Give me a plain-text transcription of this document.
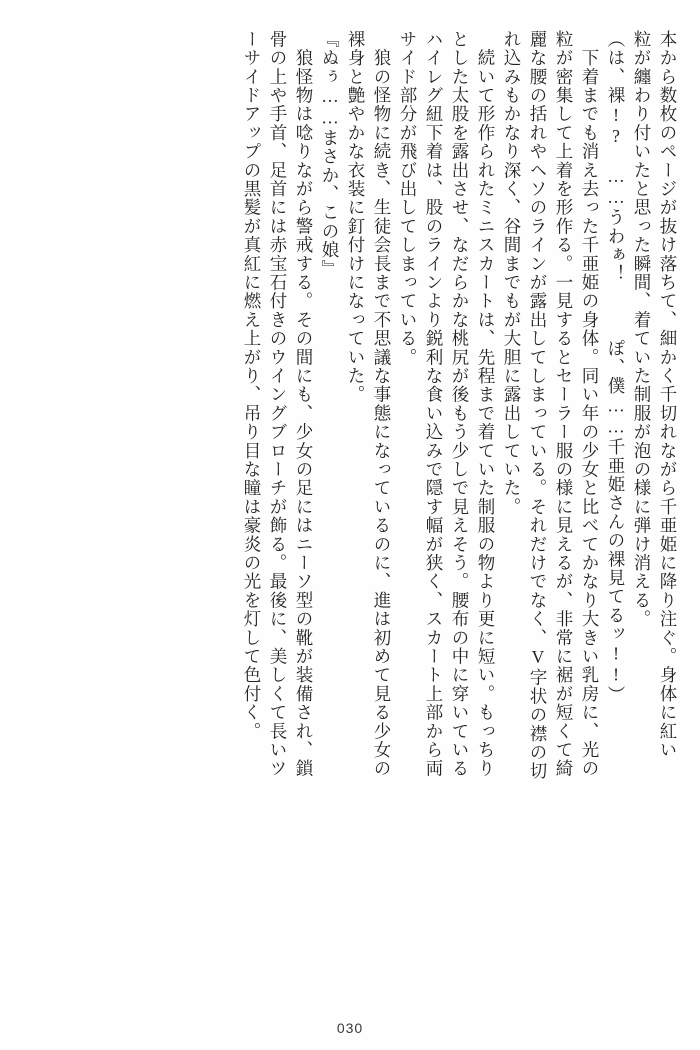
本から数枚のページが抜け落ちて、細かく千切れながら千亜姫に降り注ぐ。身体に紅い
粒が纏わり付いたと思った瞬間、着ていた制服が泡の様に弾け消える。
（は、裸!?　……うわぁ！　　　ぽ、僕……千亜姫さんの裸見てるッ!!）
　下着までも消え去った千亜姫の身体。同い年の少女と比べてかなり大きい乳房に、光の
粒が密集して上着を形作る。一見するとセーラー服の様に見えるが、非常に裾が短くて綺
麗な腰の括れやヘソのラインが露出してしまっている。それだけでなく、V字状の襟の切
れ込みもかなり深く、谷間までもが大胆に露出していた。
　続いて形作られたミニスカートは、先程まで着ていた制服の物より更に短い。もっちり
とした太股を露出させ、なだらかな桃尻が後もう少しで見えそう。腰布の中に穿いている
ハイレグ紐下着は、股のラインより鋭利な食い込みで隠す幅が狭く、スカート上部から両
サイド部分が飛び出してしまっている。
　狼の怪物に続き、生徒会長まで不思議な事態になっているのに、進は初めて見る少女の
裸身と艶やかな衣装に釘付けになっていた。
『ぬぅ……まさか、この娘』
　狼怪物は唸りながら警戒する。その間にも、少女の足にはニーソ型の靴が装備され、鎖
骨の上や手首、足首には赤宝石付きのウイングブローチが飾る。最後に、美しくて長いツ
ーサイドアップの黒髪が真紅に燃え上がり、吊り目な瞳は豪炎の光を灯して色付く。
030
